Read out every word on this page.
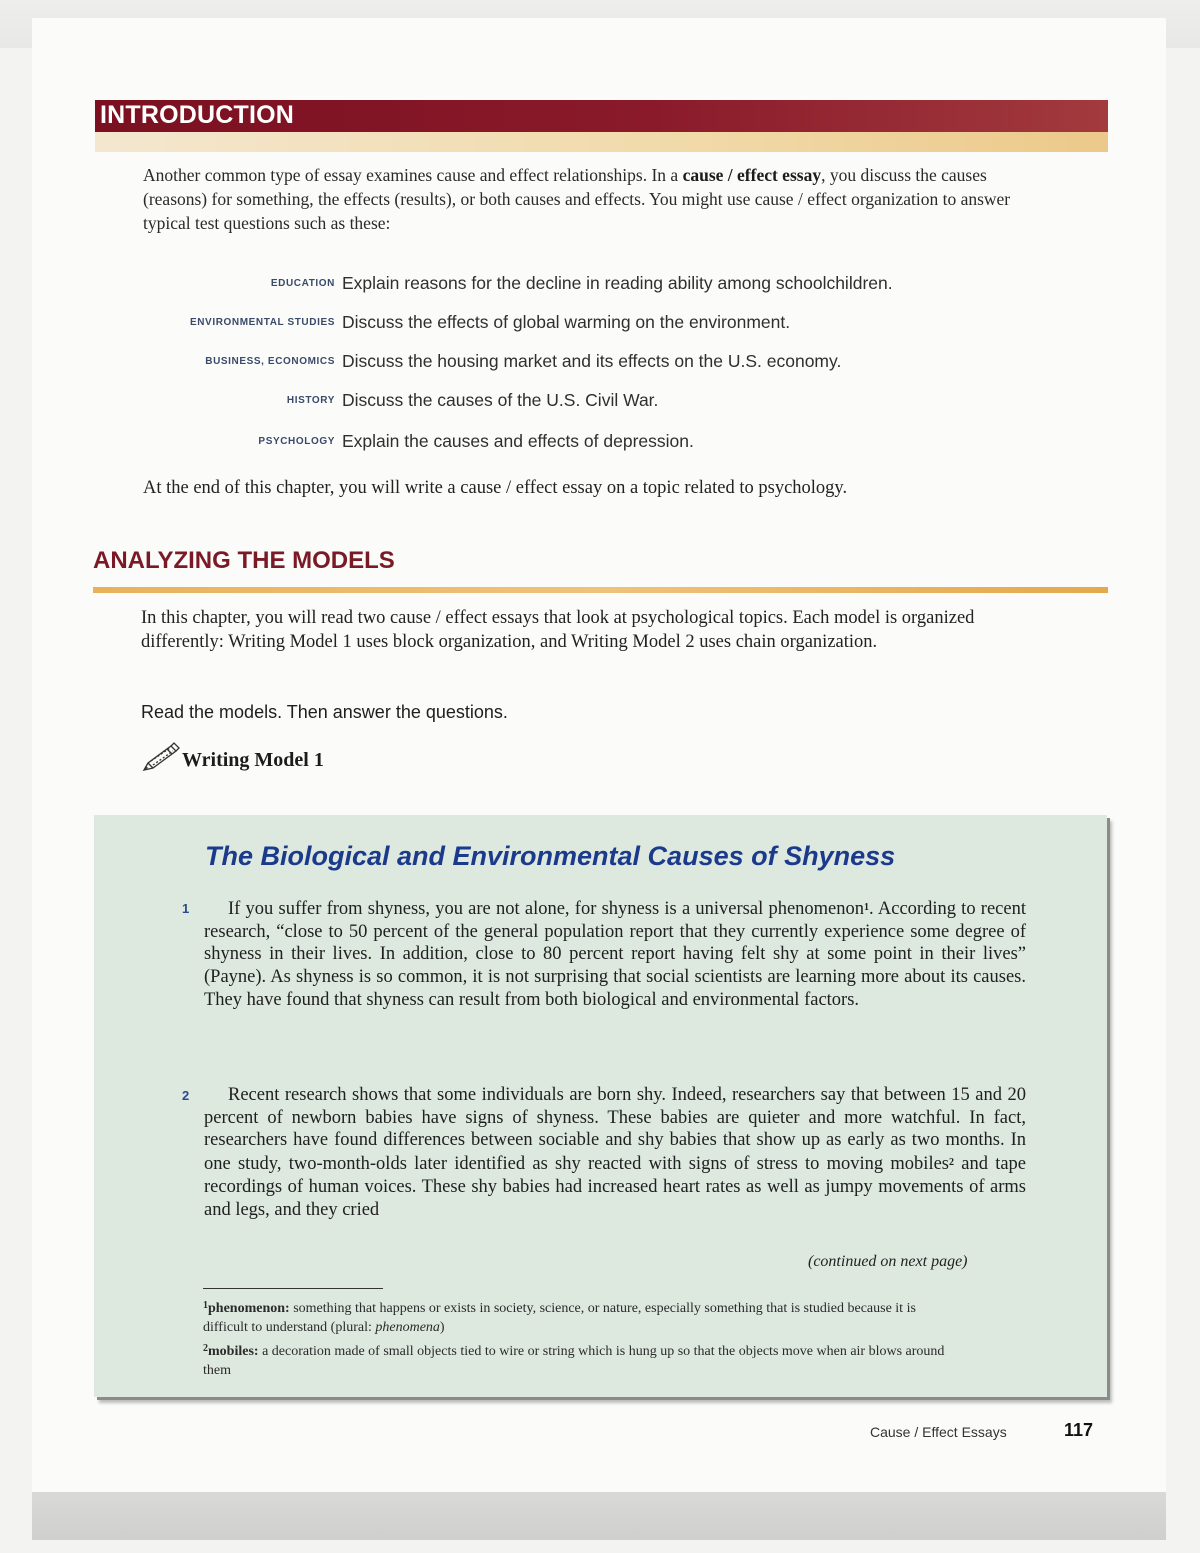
INTRODUCTION
Another common type of essay examines cause and effect relationships. In a cause / effect essay, you discuss the causes (reasons) for something, the effects (results), or both causes and effects. You might use cause / effect organization to answer typical test questions such as these:
EDUCATION Explain reasons for the decline in reading ability among schoolchildren.
ENVIRONMENTAL STUDIES Discuss the effects of global warming on the environment.
BUSINESS, ECONOMICS Discuss the housing market and its effects on the U.S. economy.
HISTORY Discuss the causes of the U.S. Civil War.
PSYCHOLOGY Explain the causes and effects of depression.
At the end of this chapter, you will write a cause / effect essay on a topic related to psychology.
ANALYZING THE MODELS
In this chapter, you will read two cause / effect essays that look at psychological topics. Each model is organized differently: Writing Model 1 uses block organization, and Writing Model 2 uses chain organization.
Read the models. Then answer the questions.
Writing Model 1
The Biological and Environmental Causes of Shyness
1	If you suffer from shyness, you are not alone, for shyness is a universal phenomenon$^1$. According to recent research, “close to 50 percent of the general population report that they currently experience some degree of shyness in their lives. In addition, close to 80 percent report having felt shy at some point in their lives” (Payne). As shyness is so common, it is not surprising that social scientists are learning more about its causes. They have found that shyness can result from both biological and environmental factors.
2	Recent research shows that some individuals are born shy. Indeed, researchers say that between 15 and 20 percent of newborn babies have signs of shyness. These babies are quieter and more watchful. In fact, researchers have found differences between sociable and shy babies that show up as early as two months. In one study, two-month-olds later identified as shy reacted with signs of stress to moving mobiles$^2$ and tape recordings of human voices. These shy babies had increased heart rates as well as jumpy movements of arms and legs, and they cried
(continued on next page)
$^1$phenomenon: something that happens or exists in society, science, or nature, especially something that is studied because it is difficult to understand (plural: phenomena)
$^2$mobiles: a decoration made of small objects tied to wire or string which is hung up so that the objects move when air blows around them
Cause / Effect Essays	117
